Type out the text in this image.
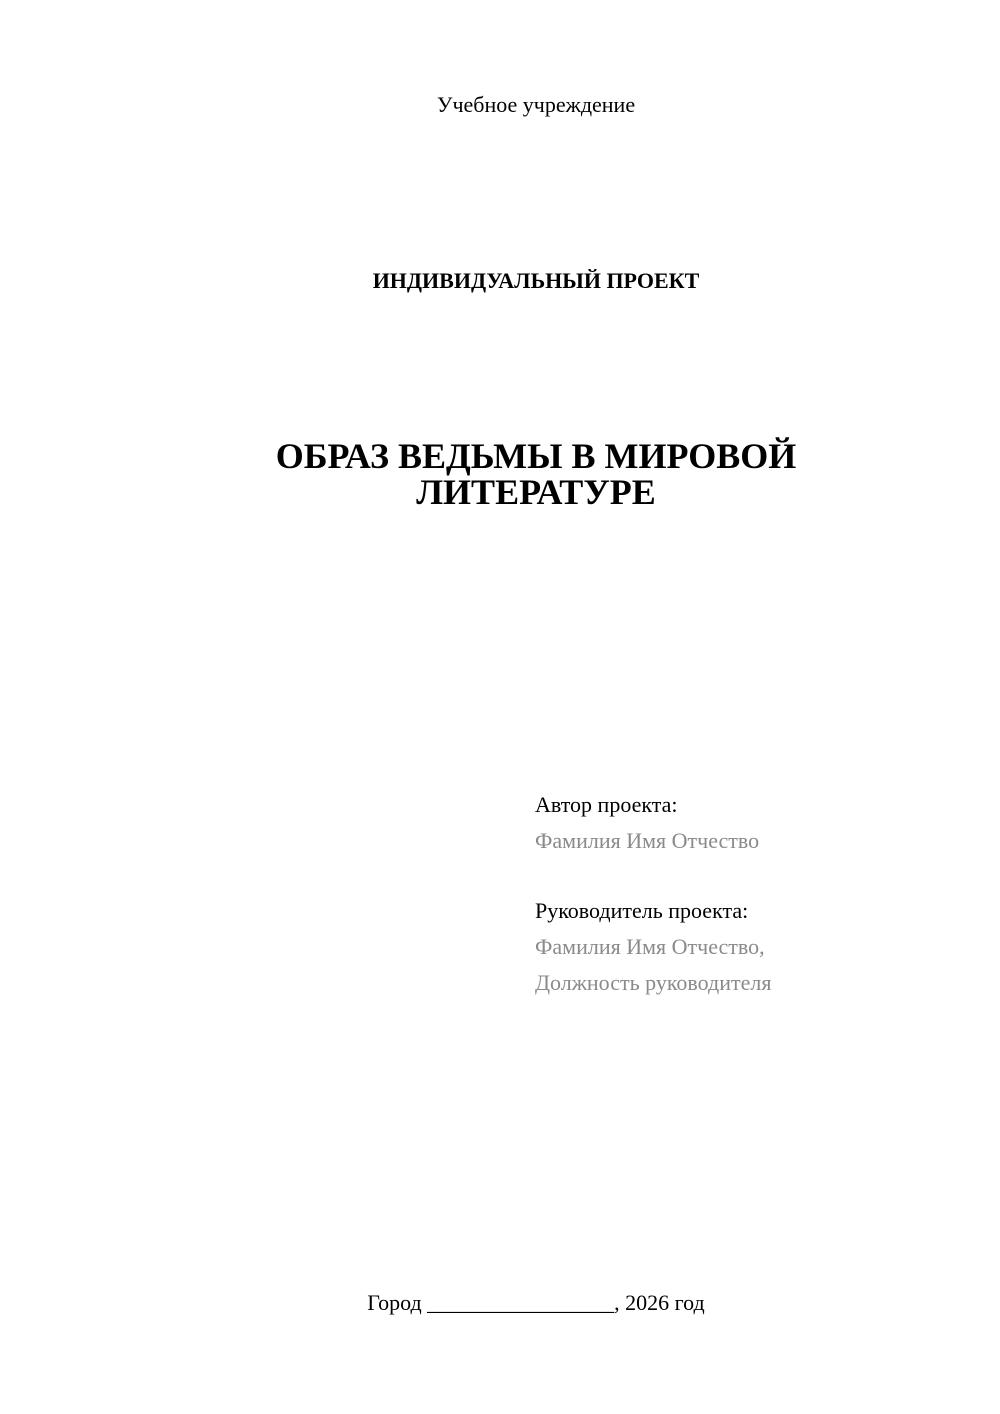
Учебное учреждение
ИНДИВИДУАЛЬНЫЙ ПРОЕКТ
ОБРАЗ ВЕДЬМЫ В МИРОВОЙ
ЛИТЕРАТУРЕ
Автор проекта:
Фамилия Имя Отчество
Руководитель проекта:
Фамилия Имя Отчество,
Должность руководителя
Город _________________, 2026 год
